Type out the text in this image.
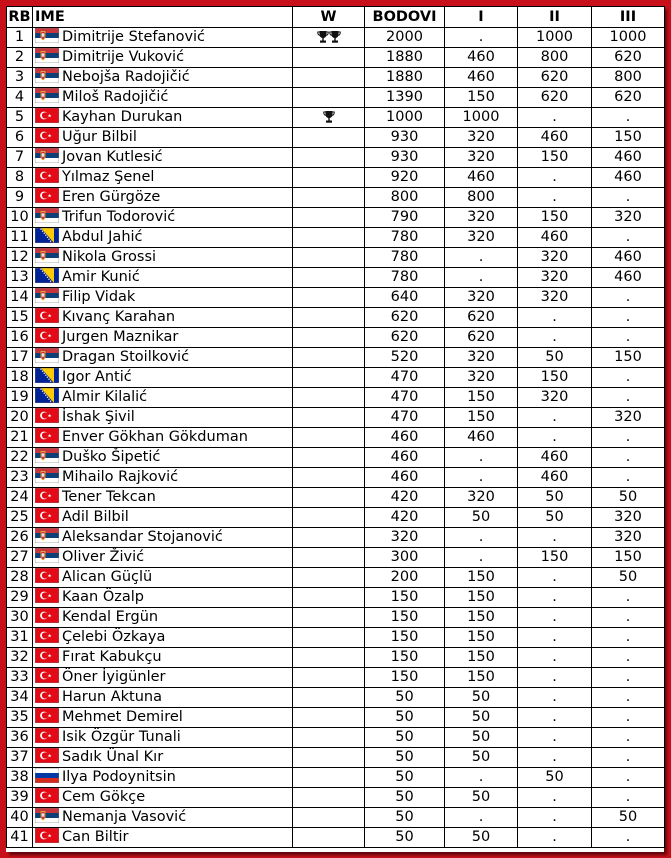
RB	IME	W	BODOVI	I	II	III
1	Dimitrije Stefanović		2000	.	1000	1000
2	Dimitrije Vuković		1880	460	800	620
3	Nebojša Radojičić		1880	460	620	800
4	Miloš Radojičić		1390	150	620	620
5	Kayhan Durukan		1000	1000	.	.
6	Uğur Bilbil		930	320	460	150
7	Jovan Kutlesić		930	320	150	460
8	Yılmaz Şenel		920	460	.	460
9	Eren Gürgöze		800	800	.	.
10	Trifun Todorović		790	320	150	320
11	Abdul Jahić		780	320	460	.
12	Nikola Grossi		780	.	320	460
13	Amir Kunić		780	.	320	460
14	Filip Vidak		640	320	320	.
15	Kıvanç Karahan		620	620	.	.
16	Jurgen Maznikar		620	620	.	.
17	Dragan Stoilković		520	320	50	150
18	Igor Antić		470	320	150	.
19	Almir Kilalić		470	150	320	.
20	İshak Şivil		470	150	.	320
21	Enver Gökhan Gökduman		460	460	.	.
22	Duško Šipetić		460	.	460	.
23	Mihailo Rajković		460	.	460	.
24	Tener Tekcan		420	320	50	50
25	Adil Bilbil		420	50	50	320
26	Aleksandar Stojanović		320	.	.	320
27	Oliver Živić		300	.	150	150
28	Alican Güçlü		200	150	.	50
29	Kaan Özalp		150	150	.	.
30	Kendal Ergün		150	150	.	.
31	Çelebi Özkaya		150	150	.	.
32	Fırat Kabukçu		150	150	.	.
33	Öner İyigünler		150	150	.	.
34	Harun Aktuna		50	50	.	.
35	Mehmet Demirel		50	50	.	.
36	Isik Özgür Tunali		50	50	.	.
37	Sadık Ünal Kır		50	50	.	.
38	Ilya Podoynitsin		50	.	50	.
39	Cem Gökçe		50	50	.	.
40	Nemanja Vasović		50	.	.	50
41	Can Biltir		50	50	.	.
